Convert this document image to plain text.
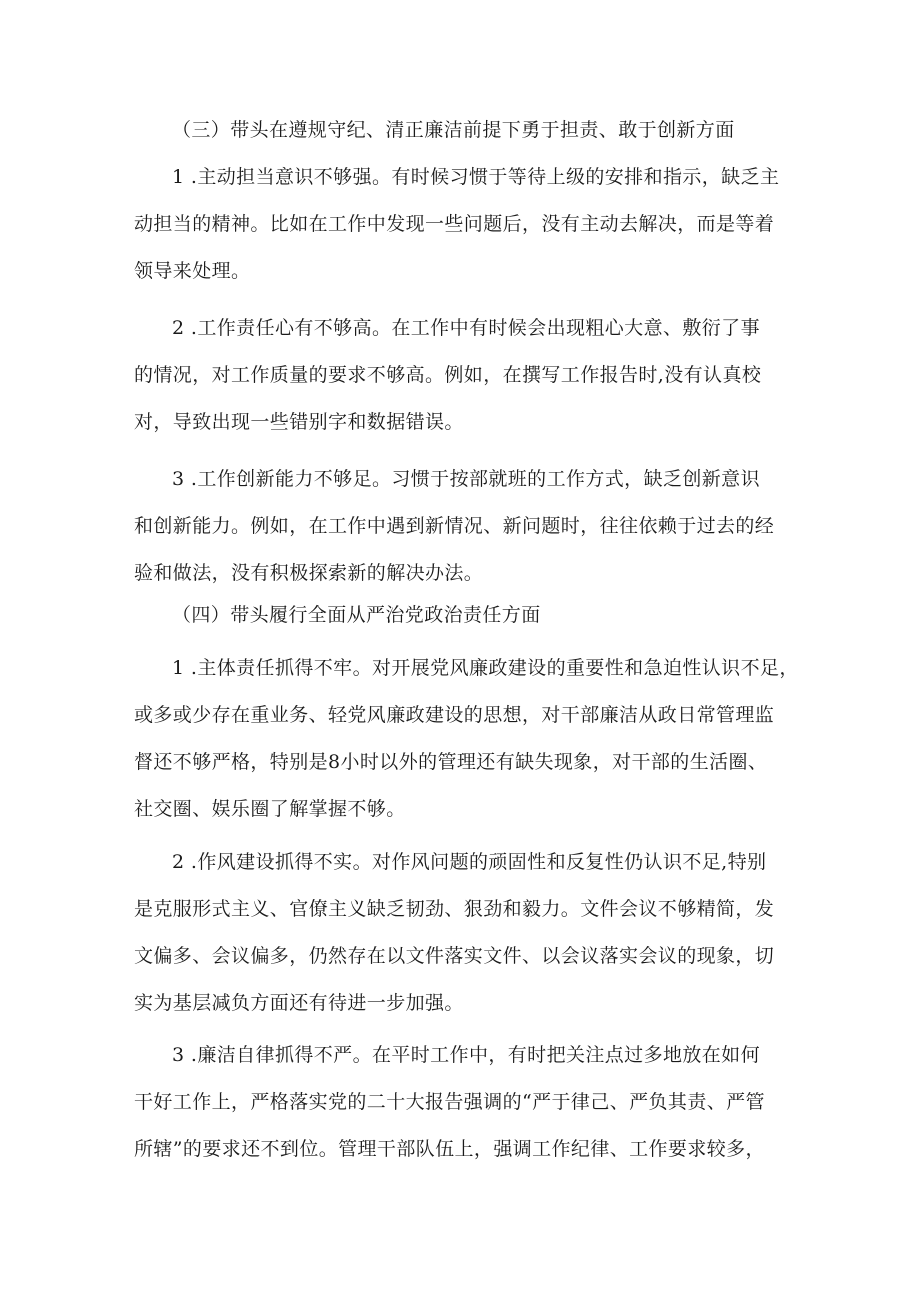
（三）带头在遵规守纪、清正廉洁前提下勇于担责、敢于创新方面
1 .主动担当意识不够强。有时候习惯于等待上级的安排和指示，缺乏主
动担当的精神。比如在工作中发现一些问题后，没有主动去解决，而是等着
领导来处理。
2 .工作责任心有不够高。在工作中有时候会出现粗心大意、敷衍了事
的情况，对工作质量的要求不够高。例如，在撰写工作报告时,没有认真校
对，导致出现一些错别字和数据错误。
3 .工作创新能力不够足。习惯于按部就班的工作方式，缺乏创新意识
和创新能力。例如，在工作中遇到新情况、新问题时，往往依赖于过去的经
验和做法，没有积极探索新的解决办法。
（四）带头履行全面从严治党政治责任方面
1 .主体责任抓得不牢。对开展党风廉政建设的重要性和急迫性认识不足，
或多或少存在重业务、轻党风廉政建设的思想，对干部廉洁从政日常管理监
督还不够严格，特别是8小时以外的管理还有缺失现象，对干部的生活圈、
社交圈、娱乐圈了解掌握不够。
2 .作风建设抓得不实。对作风问题的顽固性和反复性仍认识不足,特别
是克服形式主义、官僚主义缺乏韧劲、狠劲和毅力。文件会议不够精简，发
文偏多、会议偏多，仍然存在以文件落实文件、以会议落实会议的现象，切
实为基层减负方面还有待进一步加强。
3 .廉洁自律抓得不严。在平时工作中，有时把关注点过多地放在如何
干好工作上，严格落实党的二十大报告强调的“严于律己、严负其责、严管
所辖”的要求还不到位。管理干部队伍上，强调工作纪律、工作要求较多，
